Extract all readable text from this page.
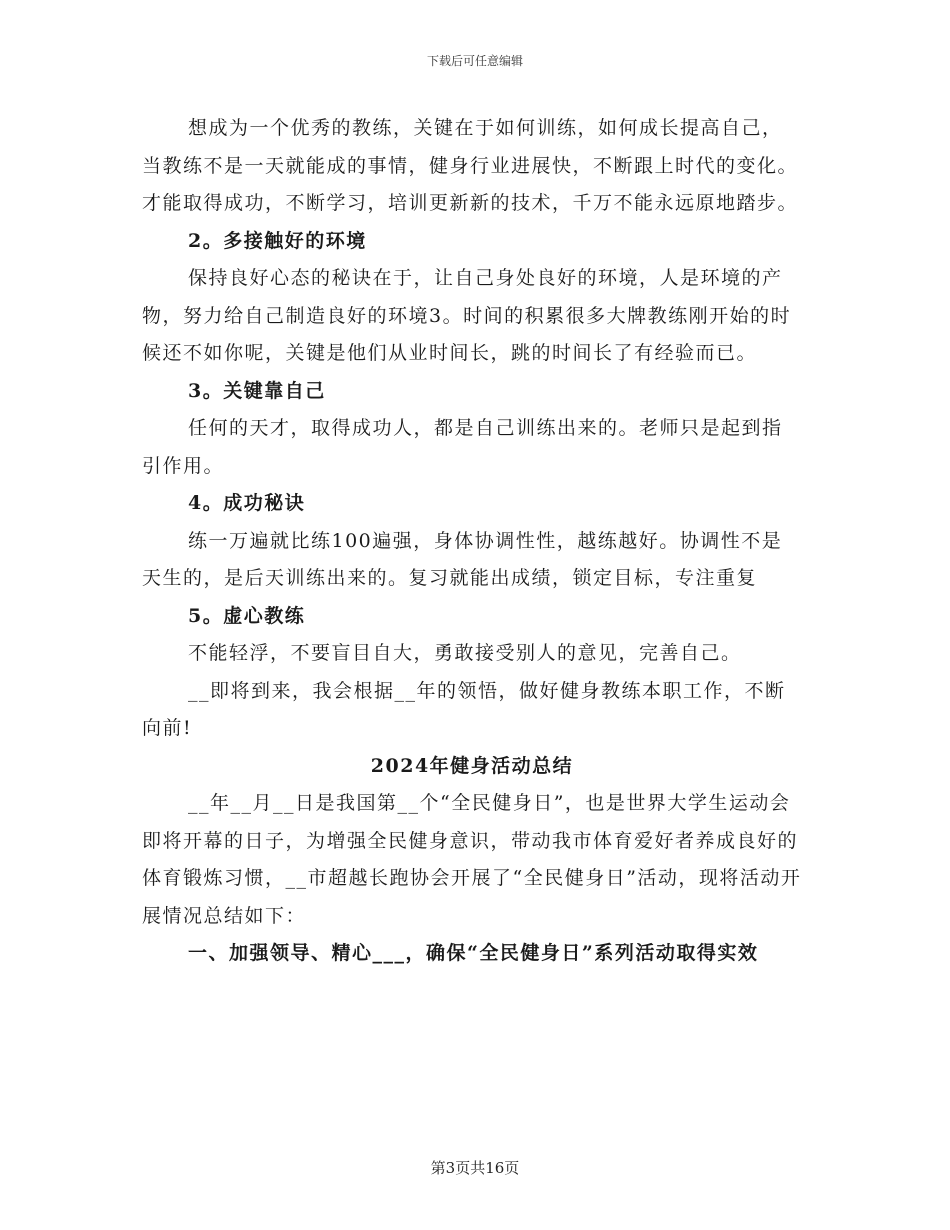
下载后可任意编辑

想成为一个优秀的教练，关键在于如何训练，如何成长提高自己，当教练不是一天就能成的事情，健身行业进展快，不断跟上时代的变化。才能取得成功，不断学习，培训更新新的技术，千万不能永远原地踏步。

2。多接触好的环境

保持良好心态的秘诀在于，让自己身处良好的环境，人是环境的产物，努力给自己制造良好的环境3。时间的积累很多大牌教练刚开始的时候还不如你呢，关键是他们从业时间长，跳的时间长了有经验而已。

3。关键靠自己

任何的天才，取得成功人，都是自己训练出来的。老师只是起到指引作用。

4。成功秘诀

练一万遍就比练100遍强，身体协调性性，越练越好。协调性不是天生的，是后天训练出来的。复习就能出成绩，锁定目标，专注重复

5。虚心教练

不能轻浮，不要盲目自大，勇敢接受别人的意见，完善自己。

__即将到来，我会根据__年的领悟，做好健身教练本职工作，不断向前!

2024年健身活动总结

__年__月__日是我国第__个“全民健身日”，也是世界大学生运动会即将开幕的日子，为增强全民健身意识，带动我市体育爱好者养成良好的体育锻炼习惯，__市超越长跑协会开展了“全民健身日”活动，现将活动开展情况总结如下：

一、加强领导、精心___，确保“全民健身日”系列活动取得实效

第3页共16页
